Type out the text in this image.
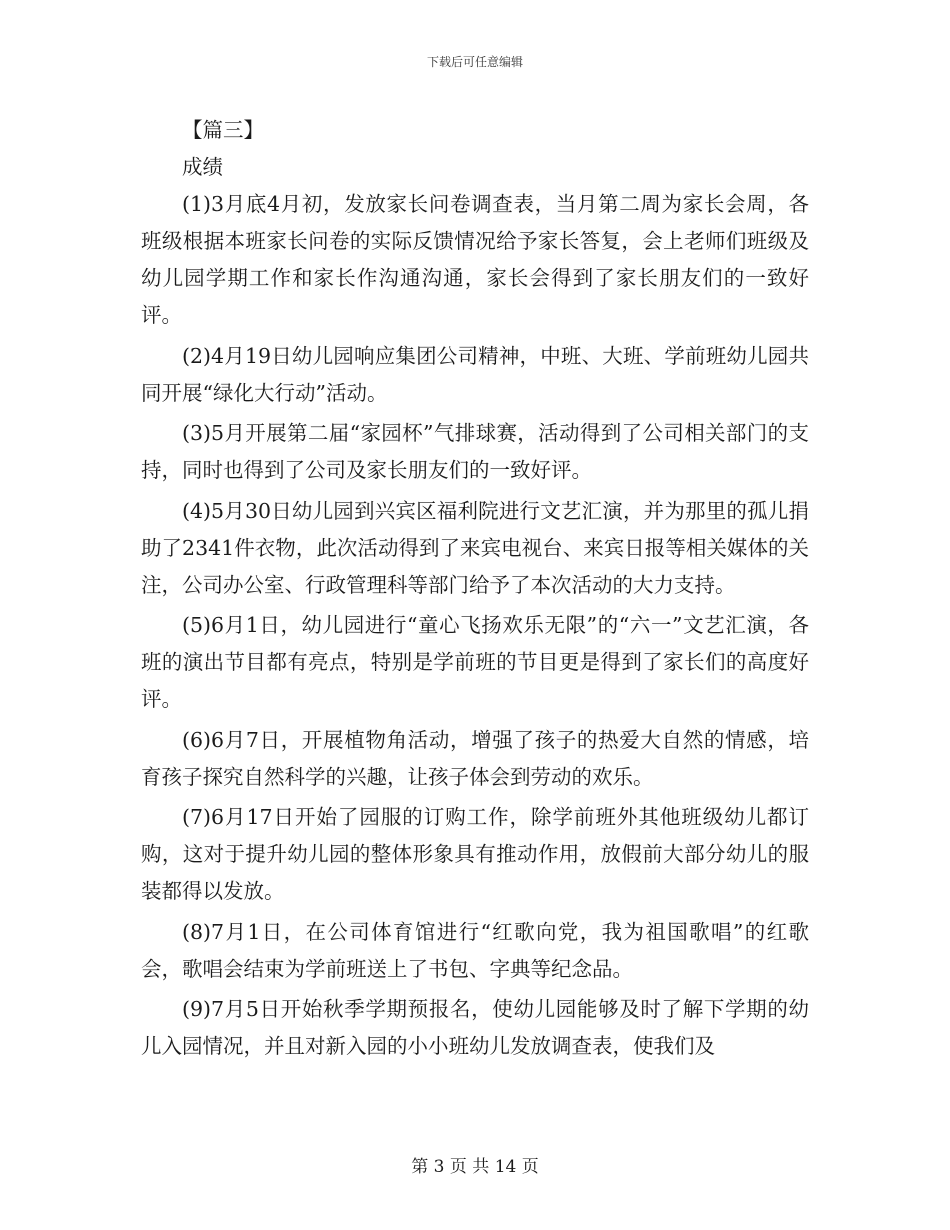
下载后可任意编辑
【篇三】
成绩

(1)3月底4月初，发放家长问卷调查表，当月第二周为家长会周，各班级根据本班家长问卷的实际反馈情况给予家长答复，会上老师们班级及幼儿园学期工作和家长作沟通沟通，家长会得到了家长朋友们的一致好评。

(2)4月19日幼儿园响应集团公司精神，中班、大班、学前班幼儿园共同开展“绿化大行动”活动。

(3)5月开展第二届“家园杯”气排球赛，活动得到了公司相关部门的支持，同时也得到了公司及家长朋友们的一致好评。

(4)5月30日幼儿园到兴宾区福利院进行文艺汇演，并为那里的孤儿捐助了2341件衣物，此次活动得到了来宾电视台、来宾日报等相关媒体的关注，公司办公室、行政管理科等部门给予了本次活动的大力支持。

(5)6月1日，幼儿园进行“童心飞扬欢乐无限”的“六一”文艺汇演，各班的演出节目都有亮点，特别是学前班的节目更是得到了家长们的高度好评。

(6)6月7日，开展植物角活动，增强了孩子的热爱大自然的情感，培育孩子探究自然科学的兴趣，让孩子体会到劳动的欢乐。

(7)6月17日开始了园服的订购工作，除学前班外其他班级幼儿都订购，这对于提升幼儿园的整体形象具有推动作用，放假前大部分幼儿的服装都得以发放。

(8)7月1日，在公司体育馆进行“红歌向党，我为祖国歌唱”的红歌会，歌唱会结束为学前班送上了书包、字典等纪念品。

(9)7月5日开始秋季学期预报名，使幼儿园能够及时了解下学期的幼儿入园情况，并且对新入园的小小班幼儿发放调查表，使我们及

第 3 页 共 14 页
